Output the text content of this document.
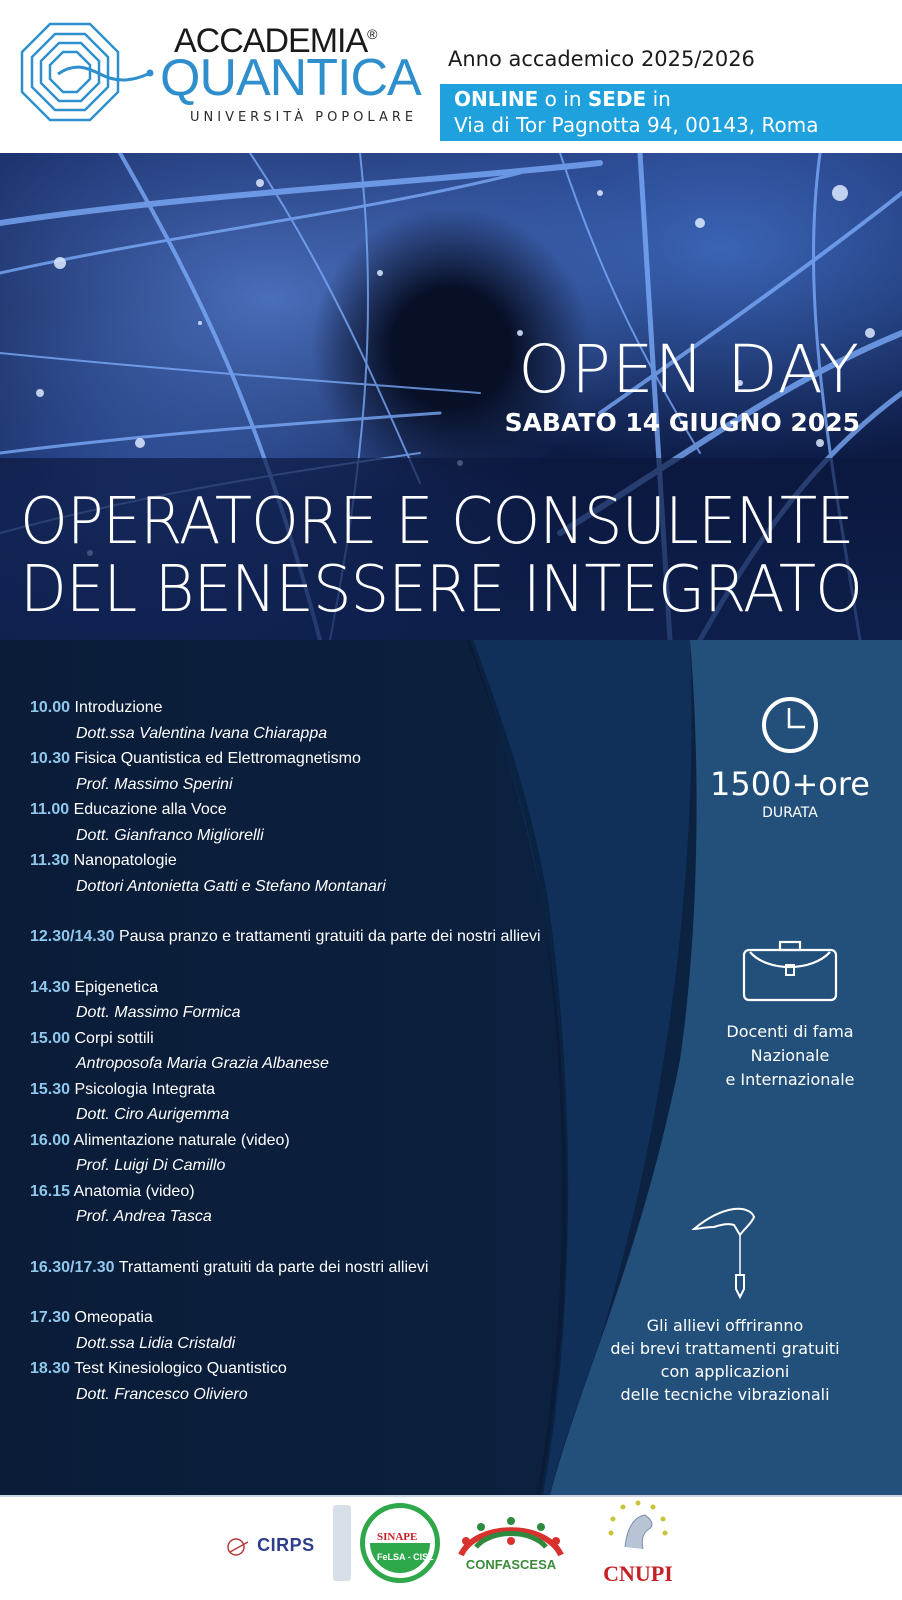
ACCADEMIA®
QUANTICA
UNIVERSITÀ POPOLARE
Anno accademico 2025/2026
ONLINE o in SEDE in
Via di Tor Pagnotta 94, 00143, Roma
OPEN DAY
SABATO 14 GIUGNO 2025
OPERATORE E CONSULENTE
DEL BENESSERE INTEGRATO
10.00 Introduzione
Dott.ssa Valentina Ivana Chiarappa
10.30 Fisica Quantistica ed Elettromagnetismo
Prof. Massimo Sperini
11.00 Educazione alla Voce
Dott. Gianfranco Migliorelli
11.30 Nanopatologie
Dottori Antonietta Gatti e Stefano Montanari
12.30/14.30 Pausa pranzo e trattamenti gratuiti da parte dei nostri allievi
14.30 Epigenetica
Dott. Massimo Formica
15.00 Corpi sottili
Antroposofa Maria Grazia Albanese
15.30 Psicologia Integrata
Dott. Ciro Aurigemma
16.00 Alimentazione naturale (video)
Prof. Luigi Di Camillo
16.15 Anatomia (video)
Prof. Andrea Tasca
16.30/17.30 Trattamenti gratuiti da parte dei nostri allievi
17.30 Omeopatia
Dott.ssa Lidia Cristaldi
18.30 Test Kinesiologico Quantistico
Dott. Francesco Oliviero
1500+ore
DURATA
Docenti di fama
Nazionale
e Internazionale
Gli allievi offriranno
dei brevi trattamenti gratuiti
con applicazioni
delle tecniche vibrazionali
CIRPS	SINAPE
FeLSA - CISL	CONFASCESA	CNUPI
